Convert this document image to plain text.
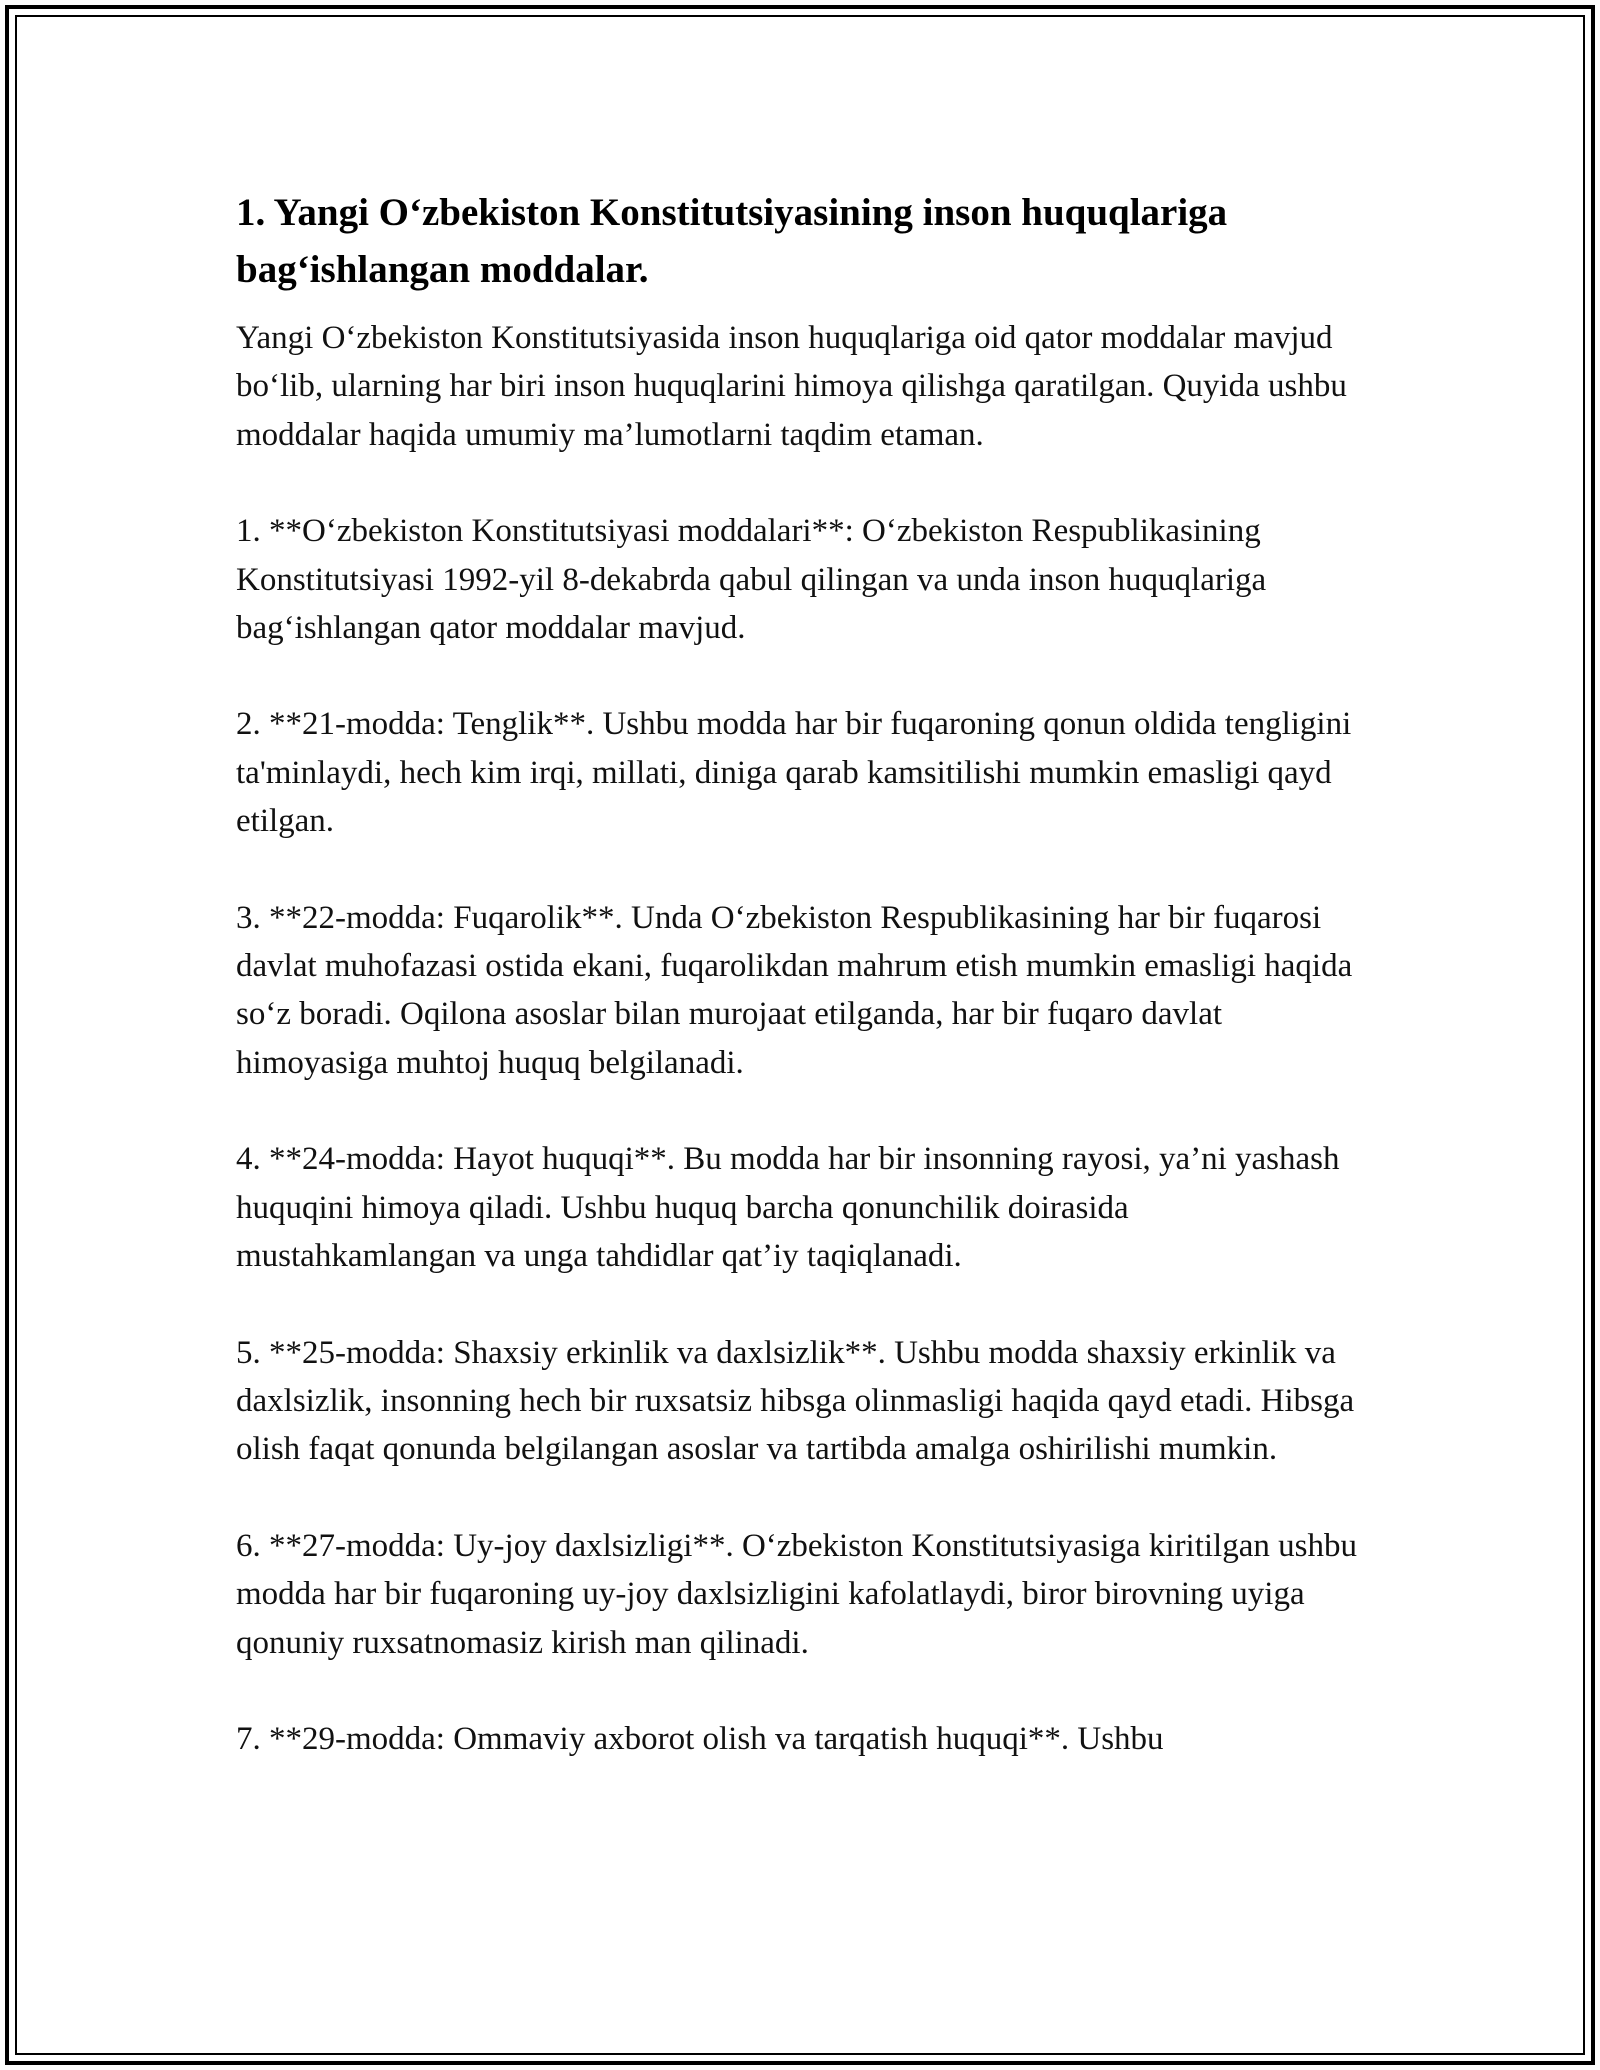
1. Yangi O‘zbekiston Konstitutsiyasining inson huquqlariga bag‘ishlangan moddalar.

Yangi O‘zbekiston Konstitutsiyasida inson huquqlariga oid qator moddalar mavjud bo‘lib, ularning har biri inson huquqlarini himoya qilishga qaratilgan. Quyida ushbu moddalar haqida umumiy ma’lumotlarni taqdim etaman.

1. **O‘zbekiston Konstitutsiyasi moddalari**: O‘zbekiston Respublikasining Konstitutsiyasi 1992-yil 8-dekabrda qabul qilingan va unda inson huquqlariga bag‘ishlangan qator moddalar mavjud.

2. **21-modda: Tenglik**. Ushbu modda har bir fuqaroning qonun oldida tengligini ta'minlaydi, hech kim irqi, millati, diniga qarab kamsitilishi mumkin emasligi qayd etilgan.

3. **22-modda: Fuqarolik**. Unda O‘zbekiston Respublikasining har bir fuqarosi davlat muhofazasi ostida ekani, fuqarolikdan mahrum etish mumkin emasligi haqida so‘z boradi. Oqilona asoslar bilan murojaat etilganda, har bir fuqaro davlat himoyasiga muhtoj huquq belgilanadi.

4. **24-modda: Hayot huquqi**. Bu modda har bir insonning rayosi, ya’ni yashash huquqini himoya qiladi. Ushbu huquq barcha qonunchilik doirasida mustahkamlangan va unga tahdidlar qat’iy taqiqlanadi.

5. **25-modda: Shaxsiy erkinlik va daxlsizlik**. Ushbu modda shaxsiy erkinlik va daxlsizlik, insonning hech bir ruxsatsiz hibsga olinmasligi haqida qayd etadi. Hibsga olish faqat qonunda belgilangan asoslar va tartibda amalga oshirilishi mumkin.

6. **27-modda: Uy-joy daxlsizligi**. O‘zbekiston Konstitutsiyasiga kiritilgan ushbu modda har bir fuqaroning uy-joy daxlsizligini kafolatlaydi, biror birovning uyiga qonuniy ruxsatnomasiz kirish man qilinadi.

7. **29-modda: Ommaviy axborot olish va tarqatish huquqi**. Ushbu
